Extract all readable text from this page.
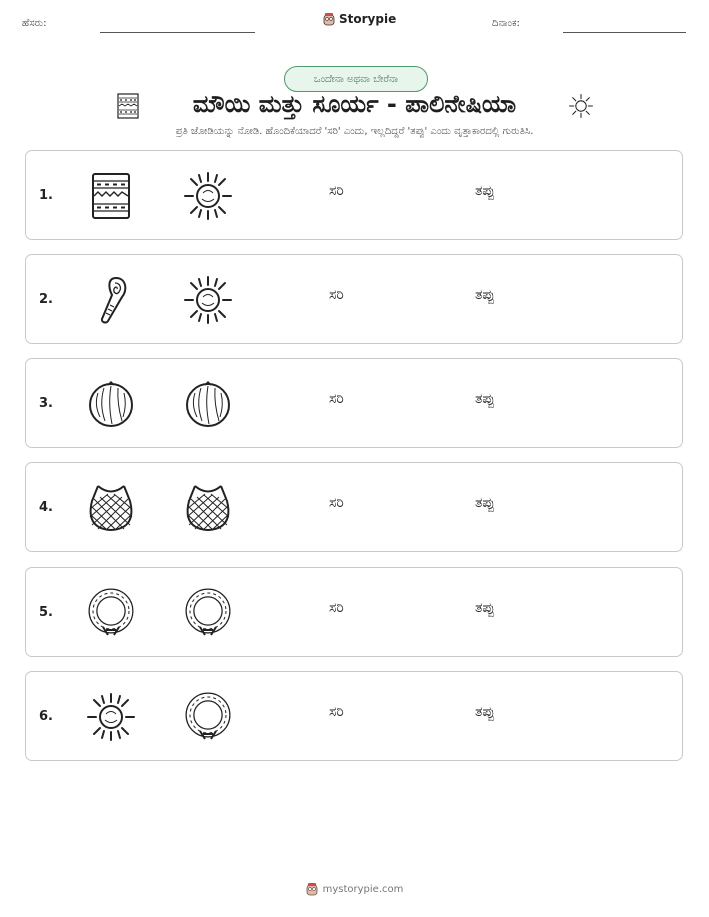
ಹೆಸರು:	Storypie	ದಿನಾಂಕ:
ಒಂದೇನಾ ಅಥವಾ ಬೇರೆನಾ
ಮೌಯಿ ಮತ್ತು ಸೂರ್ಯ - ಪಾಲಿನೇಷಿಯಾ
ಪ್ರತಿ ಜೋಡಿಯನ್ನು ನೋಡಿ. ಹೊಂದಿಕೆಯಾದರೆ 'ಸರಿ' ಎಂದು, ಇಲ್ಲದಿದ್ದರೆ 'ತಪ್ಪು' ಎಂದು ವೃತ್ತಾಕಾರದಲ್ಲಿ ಗುರುತಿಸಿ.
1.	ಸರಿ	ತಪ್ಪು
2.	ಸರಿ	ತಪ್ಪು
3.	ಸರಿ	ತಪ್ಪು
4.	ಸರಿ	ತಪ್ಪು
5.	ಸರಿ	ತಪ್ಪು
6.	ಸರಿ	ತಪ್ಪು
mystorypie.com
